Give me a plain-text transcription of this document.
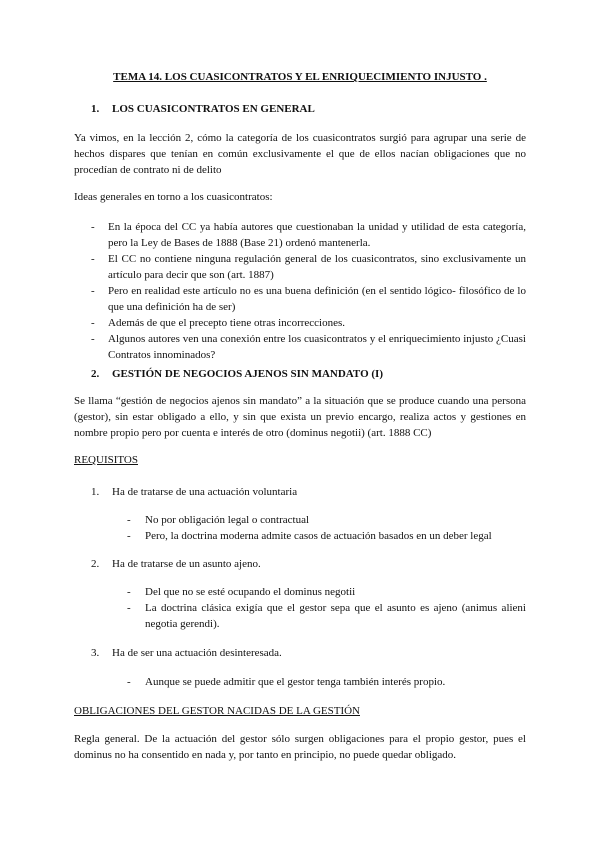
TEMA 14. LOS CUASICONTRATOS Y EL ENRIQUECIMIENTO INJUSTO .
1. LOS CUASICONTRATOS EN GENERAL

Ya vimos, en la lección 2, cómo la categoría de los cuasicontratos surgió para agrupar una serie de hechos dispares que tenían en común exclusivamente el que de ellos nacían obligaciones que no procedían de contrato ni de delito

Ideas generales en torno a los cuasicontratos:

- En la época del CC ya había autores que cuestionaban la unidad y utilidad de esta categoría, pero la Ley de Bases de 1888 (Base 21) ordenó mantenerla.
- El CC no contiene ninguna regulación general de los cuasicontratos, sino exclusivamente un artículo para decir que son (art. 1887)
- Pero en realidad este artículo no es una buena definición (en el sentido lógico- filosófico de lo que una definición ha de ser)
- Además de que el precepto tiene otras incorrecciones.
- Algunos autores ven una conexión entre los cuasicontratos y el enriquecimiento injusto ¿Cuasi Contratos innominados?
2. GESTIÓN DE NEGOCIOS AJENOS SIN MANDATO (I)

Se llama “gestión de negocios ajenos sin mandato” a la situación que se produce cuando una persona (gestor), sin estar obligado a ello, y sin que exista un previo encargo, realiza actos y gestiones en nombre propio pero por cuenta e interés de otro (dominus negotii) (art. 1888 CC)

REQUISITOS
1. Ha de tratarse de una actuación voluntaria
- No por obligación legal o contractual
- Pero, la doctrina moderna admite casos de actuación basados en un deber legal
2. Ha de tratarse de un asunto ajeno.
- Del que no se esté ocupando el dominus negotii
- La doctrina clásica exigía que el gestor sepa que el asunto es ajeno (animus alieni negotia gerendi).
3. Ha de ser una actuación desinteresada.
- Aunque se puede admitir que el gestor tenga también interés propio.
OBLIGACIONES DEL GESTOR NACIDAS DE LA GESTIÓN

Regla general. De la actuación del gestor sólo surgen obligaciones para el propio gestor, pues el dominus no ha consentido en nada y, por tanto en principio, no puede quedar obligado.
